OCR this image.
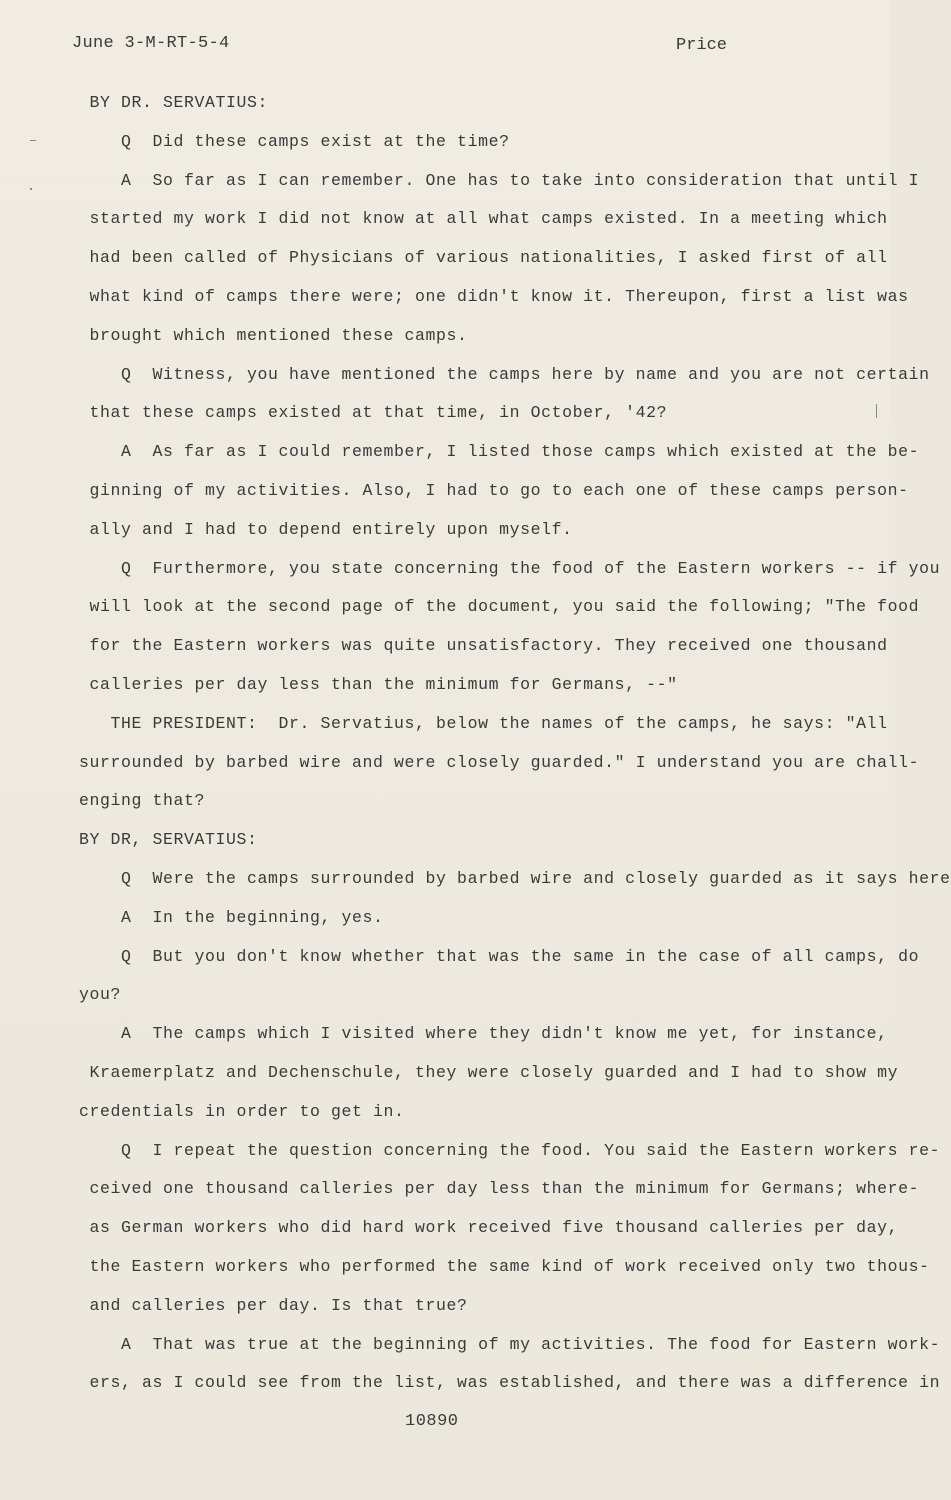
June 3-M-RT-5-4	Price
BY DR. SERVATIUS:
Q  Did these camps exist at the time?
A  So far as I can remember. One has to take into consideration that until I
started my work I did not know at all what camps existed. In a meeting which
had been called of Physicians of various nationalities, I asked first of all
what kind of camps there were; one didn't know it. Thereupon, first a list was
brought which mentioned these camps.
Q  Witness, you have mentioned the camps here by name and you are not certain
that these camps existed at that time, in October, '42?
A  As far as I could remember, I listed those camps which existed at the be-
ginning of my activities. Also, I had to go to each one of these camps person-
ally and I had to depend entirely upon myself.
Q  Furthermore, you state concerning the food of the Eastern workers -- if you
will look at the second page of the document, you said the following; "The food
for the Eastern workers was quite unsatisfactory. They received one thousand
calleries per day less than the minimum for Germans, --"
THE PRESIDENT:  Dr. Servatius, below the names of the camps, he says: "All
surrounded by barbed wire and were closely guarded." I understand you are chall-
enging that?
BY DR, SERVATIUS:
Q  Were the camps surrounded by barbed wire and closely guarded as it says here
A  In the beginning, yes.
Q  But you don't know whether that was the same in the case of all camps, do
you?
A  The camps which I visited where they didn't know me yet, for instance,
Kraemerplatz and Dechenschule, they were closely guarded and I had to show my
credentials in order to get in.
Q  I repeat the question concerning the food. You said the Eastern workers re-
ceived one thousand calleries per day less than the minimum for Germans; where-
as German workers who did hard work received five thousand calleries per day,
the Eastern workers who performed the same kind of work received only two thous-
and calleries per day. Is that true?
A  That was true at the beginning of my activities. The food for Eastern work-
ers, as I could see from the list, was established, and there was a difference in
10890
